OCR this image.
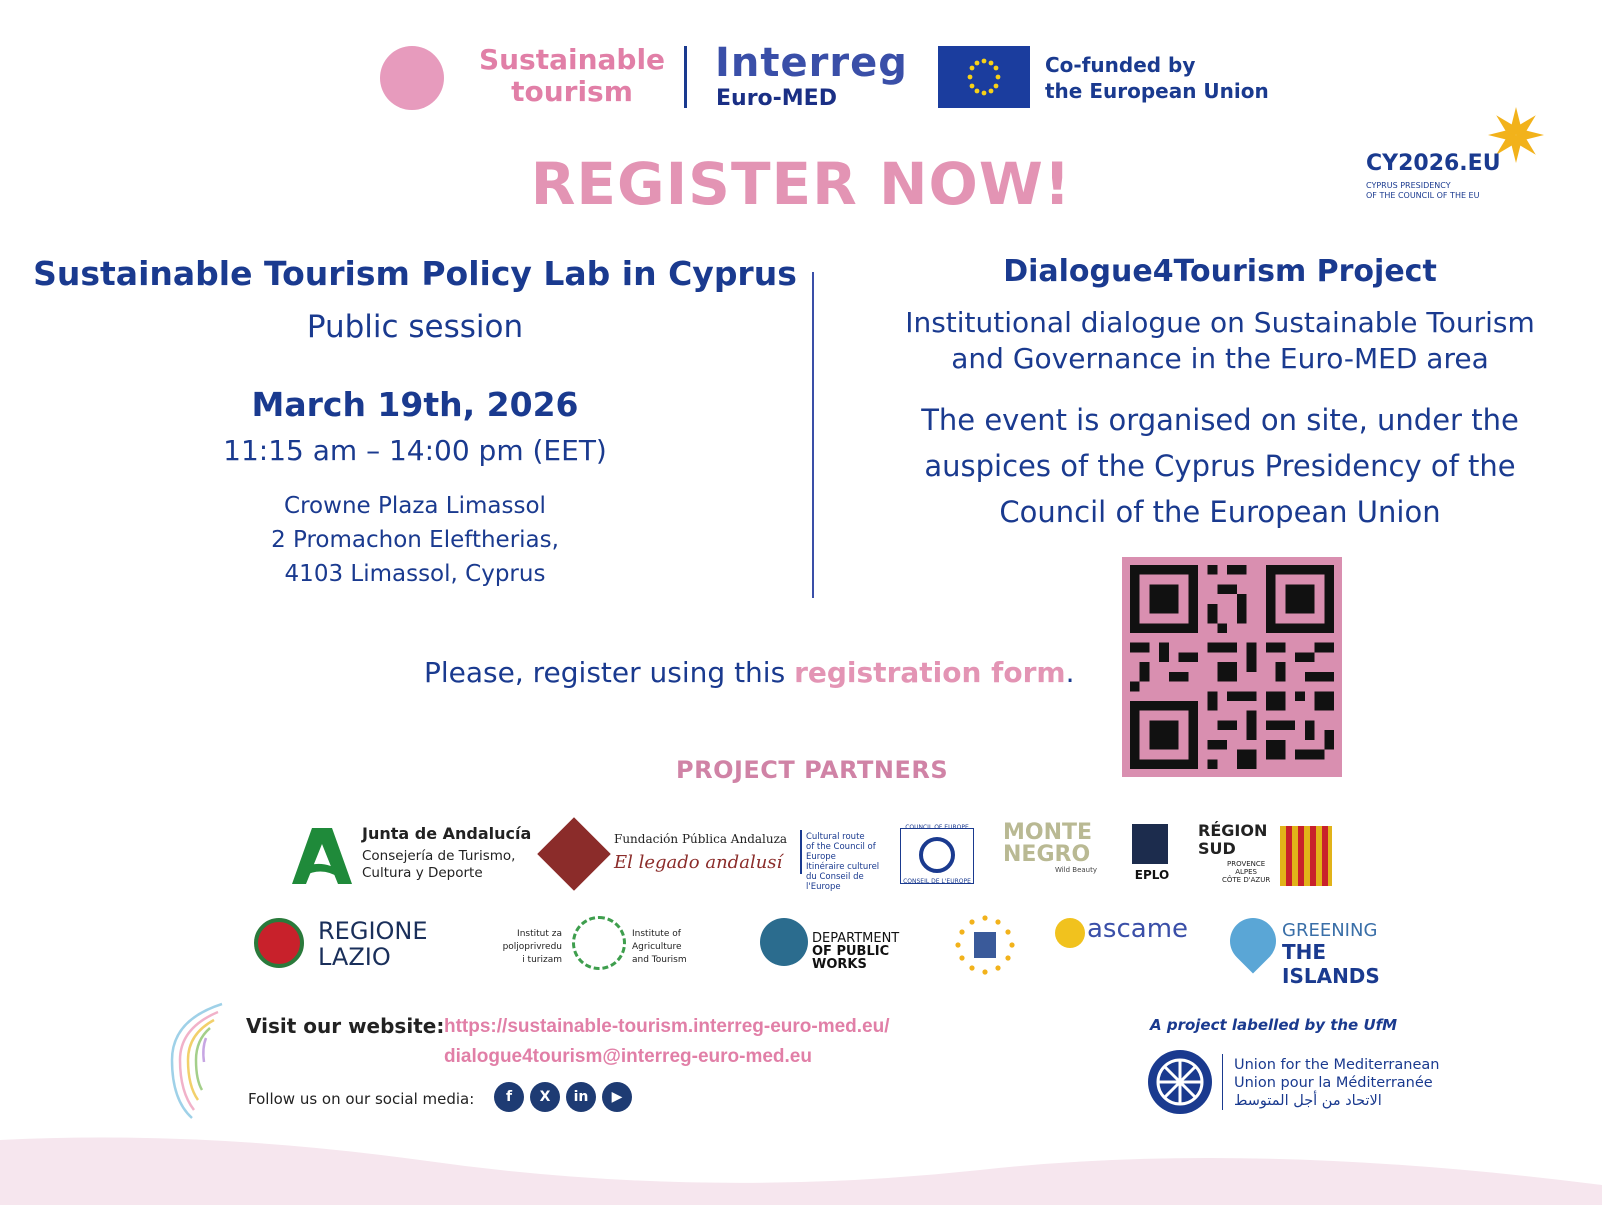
Sustainable
tourism
Interreg
Euro-MED
Co-funded by
the European Union
CY2026.EU
CYPRUS PRESIDENCY
OF THE COUNCIL OF THE EU
REGISTER NOW!
Sustainable Tourism Policy Lab in Cyprus
Public session
March 19th, 2026
11:15 am – 14:00 pm (EET)
Crowne Plaza Limassol
2 Promachon Eleftherias,
4103 Limassol, Cyprus
Dialogue4Tourism Project
Institutional dialogue on Sustainable Tourism
and Governance in the Euro-MED area
The event is organised on site, under the
auspices of the Cyprus Presidency of the
Council of the European Union
Please, register using this registration form.
PROJECT PARTNERS
Junta de Andalucía
Consejería de Turismo,
Cultura y Deporte
Fundación Pública Andaluza
El legado andalusí
Cultural route
of the Council of Europe
Itinéraire culturel
du Conseil de l'Europe
COUNCIL OF EUROPE
CONSEIL DE L'EUROPE
MONTE
NEGRO
Wild Beauty	EPLO
RÉGION
SUD
PROVENCE
ALPES
CÔTE D'AZUR
REGIONE
LAZIO
Institut za poljoprivredu
i turizam
Institute of Agriculture
and Tourism
DEPARTMENT
OF PUBLIC WORKS
ascame	GREENING
THE ISLANDS
Visit our website: https://sustainable-tourism.interreg-euro-med.eu/
dialogue4tourism@interreg-euro-med.eu
Follow us on our social media:	f	X	in	▶
A project labelled by the UfM
Union for the Mediterranean
Union pour la Méditerranée
الاتحاد من أجل المتوسط
